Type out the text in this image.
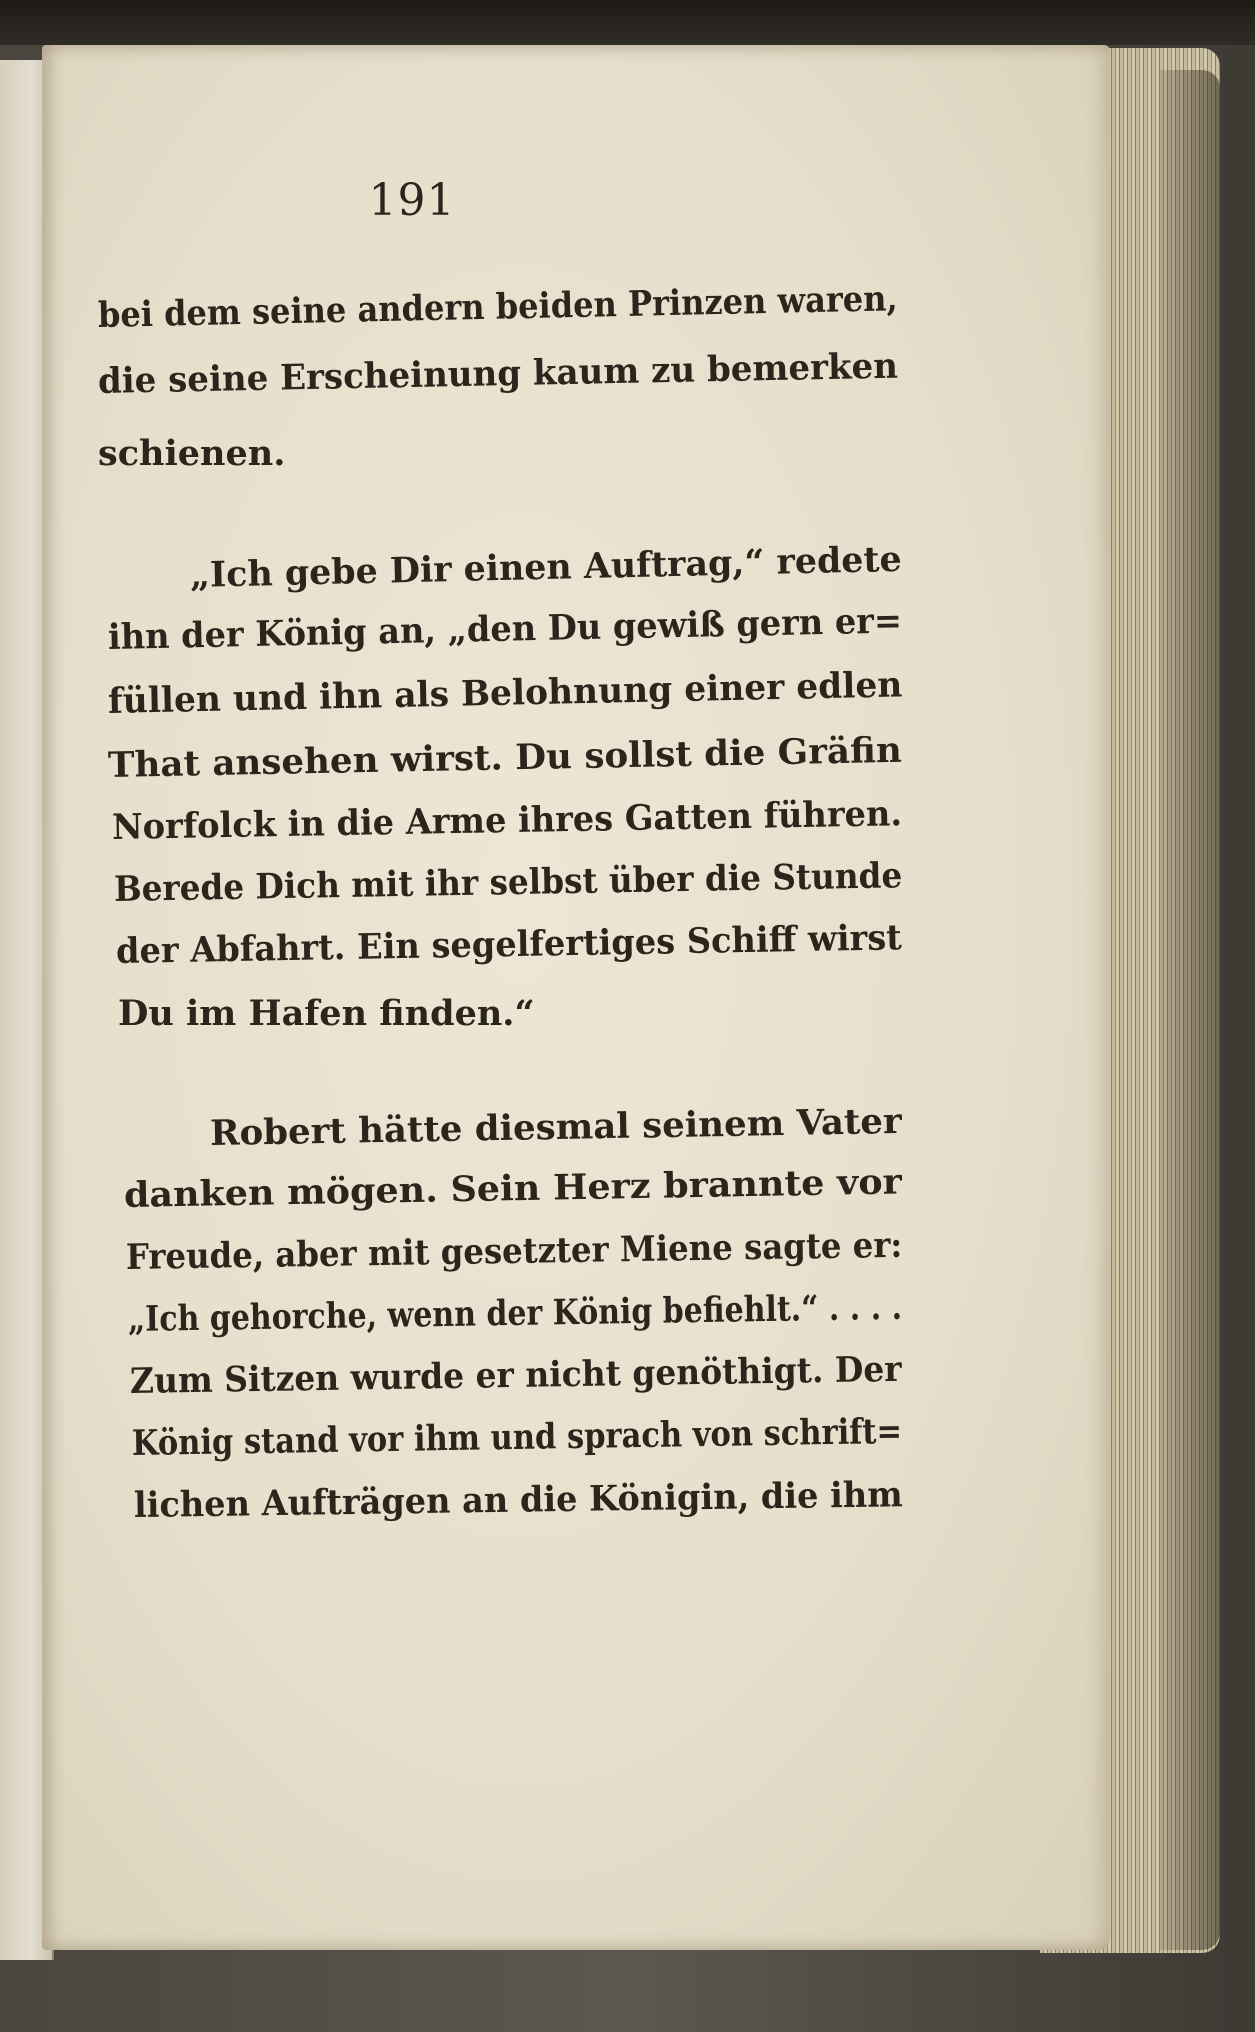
191
bei dem seine andern beiden Prinzen waren,
die seine Erscheinung kaum zu bemerken
schienen.
„Ich gebe Dir einen Auftrag,“ redete
ihn der König an, „den Du gewiß gern er=
füllen und ihn als Belohnung einer edlen
That ansehen wirst. Du sollst die Gräfin
Norfolck in die Arme ihres Gatten führen.
Berede Dich mit ihr selbst über die Stunde
der Abfahrt. Ein segelfertiges Schiff wirst
Du im Hafen finden.“
Robert hätte diesmal seinem Vater
danken mögen. Sein Herz brannte vor
Freude, aber mit gesetzter Miene sagte er:
„Ich gehorche, wenn der König befiehlt.“ . . . .
Zum Sitzen wurde er nicht genöthigt. Der
König stand vor ihm und sprach von schrift=
lichen Aufträgen an die Königin, die ihm
